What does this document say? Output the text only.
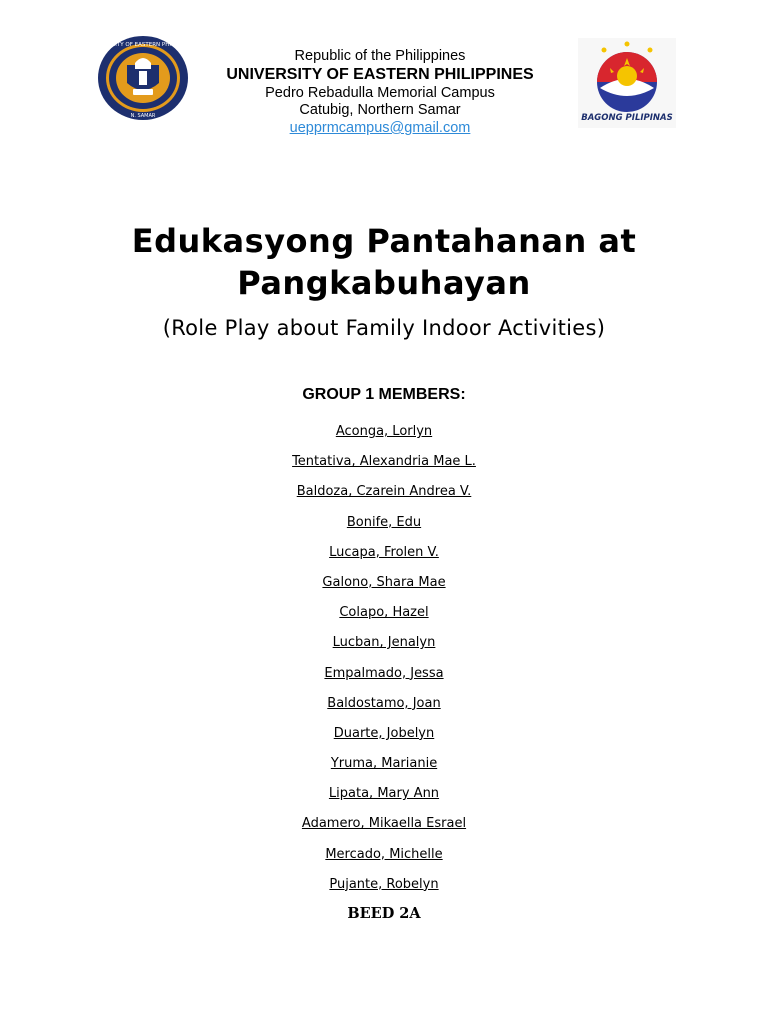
UNIVERSITY OF EASTERN PHILIPPINES
N. SAMAR
Republic of the Philippines
UNIVERSITY OF EASTERN PHILIPPINES
Pedro Rebadulla Memorial Campus
Catubig, Northern Samar
uepprmcampus@gmail.com
BAGONG PILIPINAS
Edukasyong Pantahanan at Pangkabuhayan
(Role Play about Family Indoor Activities)
GROUP 1 MEMBERS:
Aconga, Lorlyn
Tentativa, Alexandria Mae L.
Baldoza, Czarein Andrea V.
Bonife, Edu
Lucapa, Frolen V.
Galono, Shara Mae
Colapo, Hazel
Lucban, Jenalyn
Empalmado, Jessa
Baldostamo, Joan
Duarte, Jobelyn
Yruma, Marianie
Lipata, Mary Ann
Adamero, Mikaella Esrael
Mercado, Michelle
Pujante, Robelyn
BEED 2A
